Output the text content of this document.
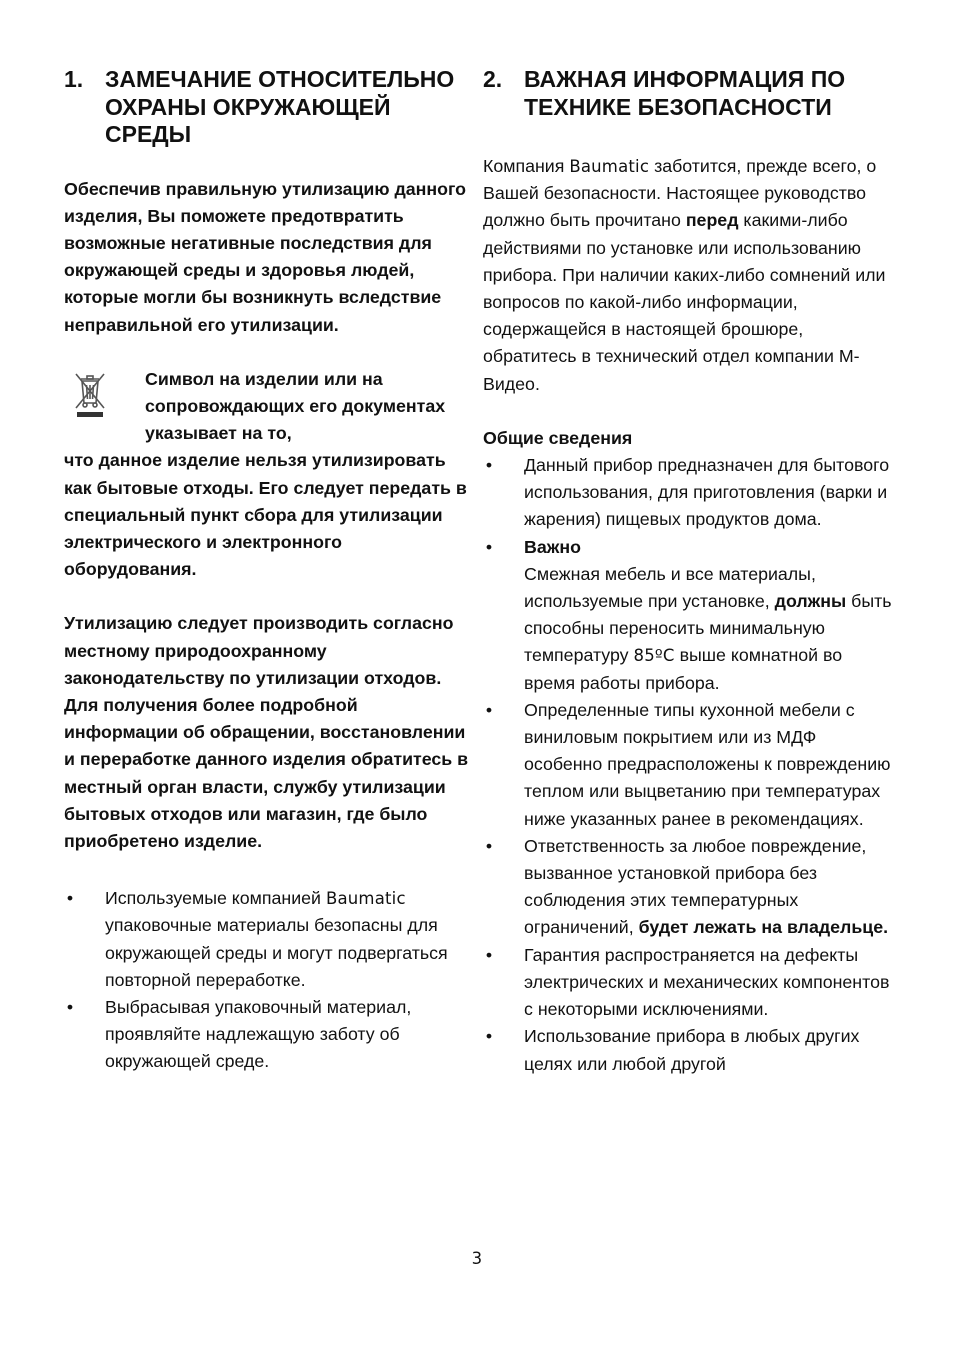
1. ЗАМЕЧАНИЕ ОТНОСИТЕЛЬНО ОХРАНЫ ОКРУЖАЮЩЕЙ СРЕДЫ

Обеспечив правильную утилизацию данного изделия, Вы поможете предотвратить возможные негативные последствия для окружающей среды и здоровья людей, которые могли бы возникнуть вследствие неправильной его утилизации.

Символ на изделии или на сопровождающих его документах указывает на то,

что данное изделие нельзя утилизировать как бытовые отходы. Его следует передать в специальный пункт сбора для утилизации электрического и электронного оборудования.

Утилизацию следует производить согласно местному природоохранному законодательству по утилизации отходов.

Для получения более подробной информации об обращении, восстановлении и переработке данного изделия обратитесь в местный орган власти, службу утилизации бытовых отходов или магазин, где было приобретено изделие.

• Используемые компанией Baumatic упаковочные материалы безопасны для окружающей среды и могут подвергаться повторной переработке.
• Выбрасывая упаковочный материал, проявляйте надлежащую заботу об окружающей среде.
2. ВАЖНАЯ ИНФОРМАЦИЯ ПО ТЕХНИКЕ БЕЗОПАСНОСТИ

Компания Baumatic заботится, прежде всего, о Вашей безопасности. Настоящее руководство должно быть прочитано перед какими-либо действиями по установке или использованию прибора. При наличии каких-либо сомнений или вопросов по какой-либо информации, содержащейся в настоящей брошюре, обратитесь в технический отдел компании М-Видео.

Общие сведения

• Данный прибор предназначен для бытового использования, для приготовления (варки и жарения) пищевых продуктов дома.
• Важно
Смежная мебель и все материалы, используемые при установке, должны быть способны переносить минимальную температуру 85ºC выше комнатной во время работы прибора.
• Определенные типы кухонной мебели с виниловым покрытием или из МДФ особенно предрасположены к повреждению теплом или выцветанию при температурах ниже указанных ранее в рекомендациях.
• Ответственность за любое повреждение, вызванное установкой прибора без соблюдения этих температурных ограничений, будет лежать на владельце.
• Гарантия распространяется на дефекты электрических и механических компонентов с некоторыми исключениями.
• Использование прибора в любых других целях или любой другой
3
